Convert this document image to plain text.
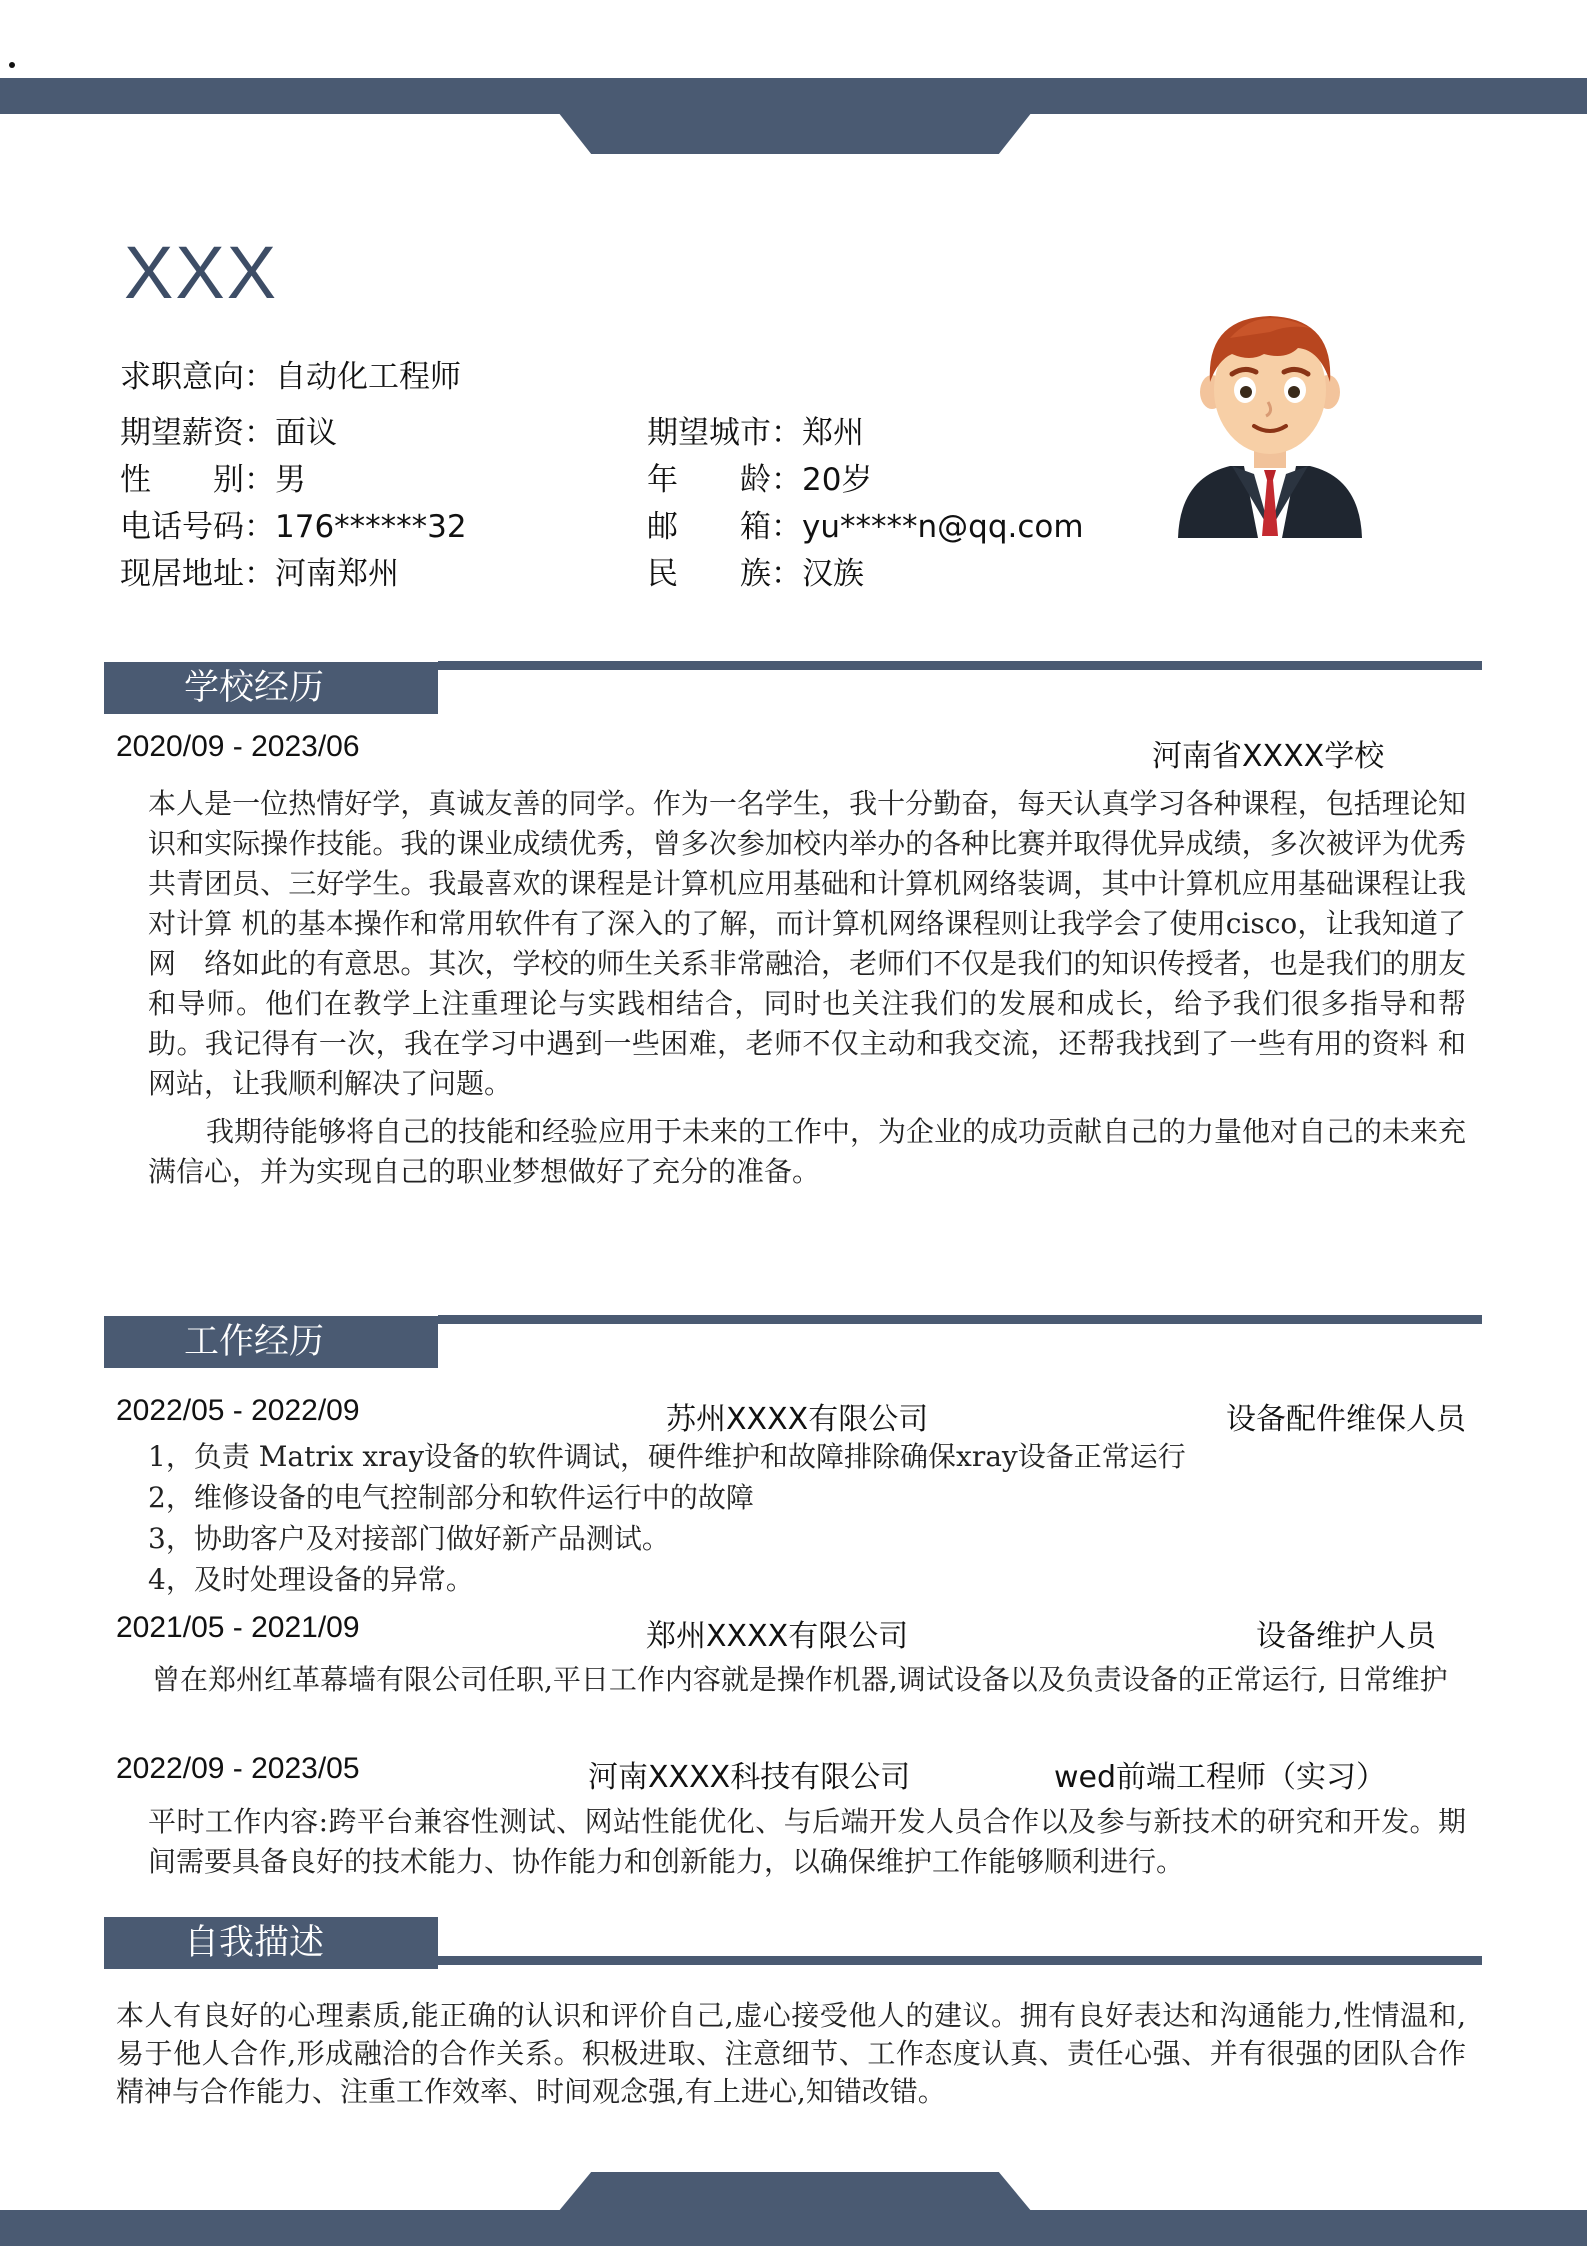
XXX
求职意向：自动化工程师
期望薪资：面议	期望城市：郑州
性　　别：男	年　　龄：20岁
电话号码：176******32	邮　　箱：yu*****n@qq.com
现居地址：河南郑州	民　　族：汉族
学校经历
2020/09 - 2023/06	河南省XXXX学校
本人是一位热情好学，真诚友善的同学。作为一名学生，我十分勤奋，每天认真学习各种课程，包括理论知识和实际操作技能。我的课业成绩优秀，曾多次参加校内举办的各种比赛并取得优异成绩，多次被评为优秀共青团员、三好学生。我最喜欢的课程是计算机应用基础和计算机网络装调，其中计算机应用基础课程让我对计算 机的基本操作和常用软件有了深入的了解，而计算机网络课程则让我学会了使用cisco，让我知道了网　络如此的有意思。其次，学校的师生关系非常融洽，老师们不仅是我们的知识传授者，也是我们的朋友 和导师。他们在教学上注重理论与实践相结合，同时也关注我们的发展和成长，给予我们很多指导和帮 助。我记得有一次，我在学习中遇到一些困难，老师不仅主动和我交流，还帮我找到了一些有用的资料 和网站，让我顺利解决了问题。
我期待能够将自己的技能和经验应用于未来的工作中，为企业的成功贡献自己的力量他对自己的未来充满信心，并为实现自己的职业梦想做好了充分的准备。
工作经历
2022/05 - 2022/09	苏州XXXX有限公司	设备配件维保人员
1，负责 Matrix xray设备的软件调试，硬件维护和故障排除确保xray设备正常运行
2，维修设备的电气控制部分和软件运行中的故障
3，协助客户及对接部门做好新产品测试。
4，及时处理设备的异常。
2021/05 - 2021/09	郑州XXXX有限公司	设备维护人员
曾在郑州红革幕墙有限公司任职,平日工作内容就是操作机器,调试设备以及负责设备的正常运行, 日常维护
2022/09 - 2023/05	河南XXXX科技有限公司	wed前端工程师（实习）
平时工作内容:跨平台兼容性测试、网站性能优化、与后端开发人员合作以及参与新技术的研究和开发。期间需要具备良好的技术能力、协作能力和创新能力，以确保维护工作能够顺利进行。
自我描述
本人有良好的心理素质,能正确的认识和评价自己,虚心接受他人的建议。拥有良好表达和沟通能力,性情温和,易于他人合作,形成融洽的合作关系。积极进取、注意细节、工作态度认真、责任心强、并有很强的团队合作精神与合作能力、注重工作效率、时间观念强,有上进心,知错改错。
